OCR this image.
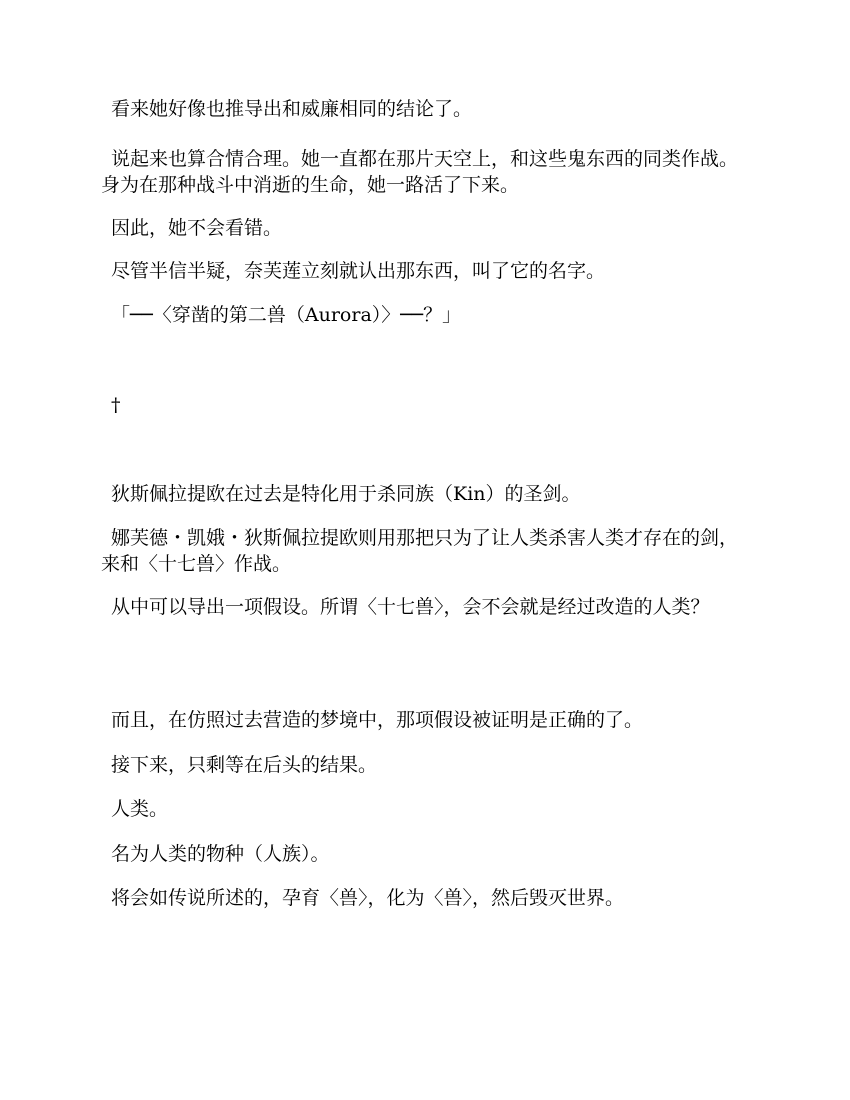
看来她好像也推导出和威廉相同的结论了。

说起来也算合情合理。她一直都在那片天空上，和这些鬼东西的同类作战。身为在那种战斗中消逝的生命，她一路活了下来。

因此，她不会看错。

尽管半信半疑，奈芙莲立刻就认出那东西，叫了它的名字。

「──〈穿凿的第二兽（Aurora）〉──？」

†

狄斯佩拉提欧在过去是特化用于杀同族（Kin）的圣剑。

娜芙德・凯娥・狄斯佩拉提欧则用那把只为了让人类杀害人类才存在的剑，来和〈十七兽〉作战。

从中可以导出一项假设。所谓〈十七兽〉，会不会就是经过改造的人类？

而且，在仿照过去营造的梦境中，那项假设被证明是正确的了。

接下来，只剩等在后头的结果。

人类。

名为人类的物种（人族）。

将会如传说所述的，孕育〈兽〉，化为〈兽〉，然后毁灭世界。
